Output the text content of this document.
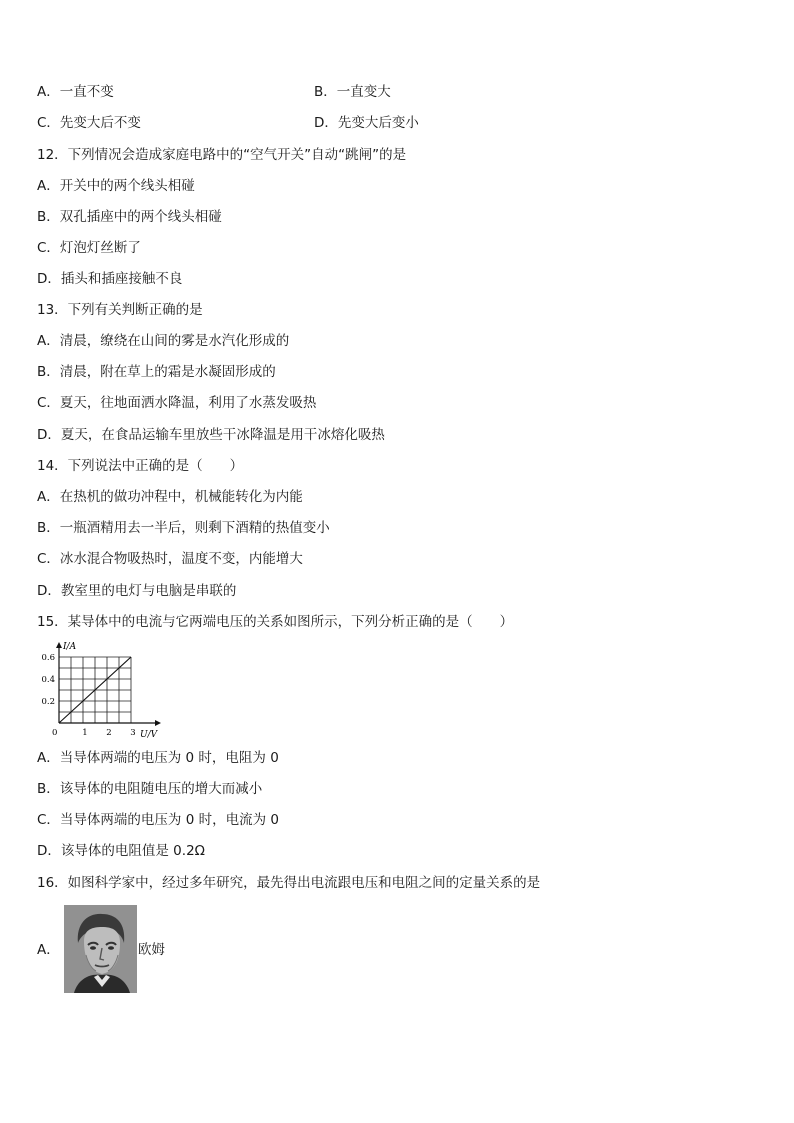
A．一直不变	B．一直变大
C．先变大后不变	D．先变大后变小
12．下列情况会造成家庭电路中的“空气开关”自动“跳闸”的是
A．开关中的两个线头相碰
B．双孔插座中的两个线头相碰
C．灯泡灯丝断了
D．插头和插座接触不良
13．下列有关判断正确的是
A．清晨，缭绕在山间的雾是水汽化形成的
B．清晨，附在草上的霜是水凝固形成的
C．夏天，往地面洒水降温，利用了水蒸发吸热
D．夏天，在食品运输车里放些干冰降温是用干冰熔化吸热
14．下列说法中正确的是（　　）
A．在热机的做功冲程中，机械能转化为内能
B．一瓶酒精用去一半后，则剩下酒精的热值变小
C．冰水混合物吸热时，温度不变，内能增大
D．教室里的电灯与电脑是串联的
15．某导体中的电流与它两端电压的关系如图所示，下列分析正确的是（　　）
I/A
U/V
0
0.2
0.4
0.6
1 2 3
A．当导体两端的电压为 0 时，电阻为 0
B．该导体的电阻随电压的增大而减小
C．当导体两端的电压为 0 时，电流为 0
D．该导体的电阻值是 0.2Ω
16．如图科学家中，经过多年研究，最先得出电流跟电压和电阻之间的定量关系的是
A．	欧姆
